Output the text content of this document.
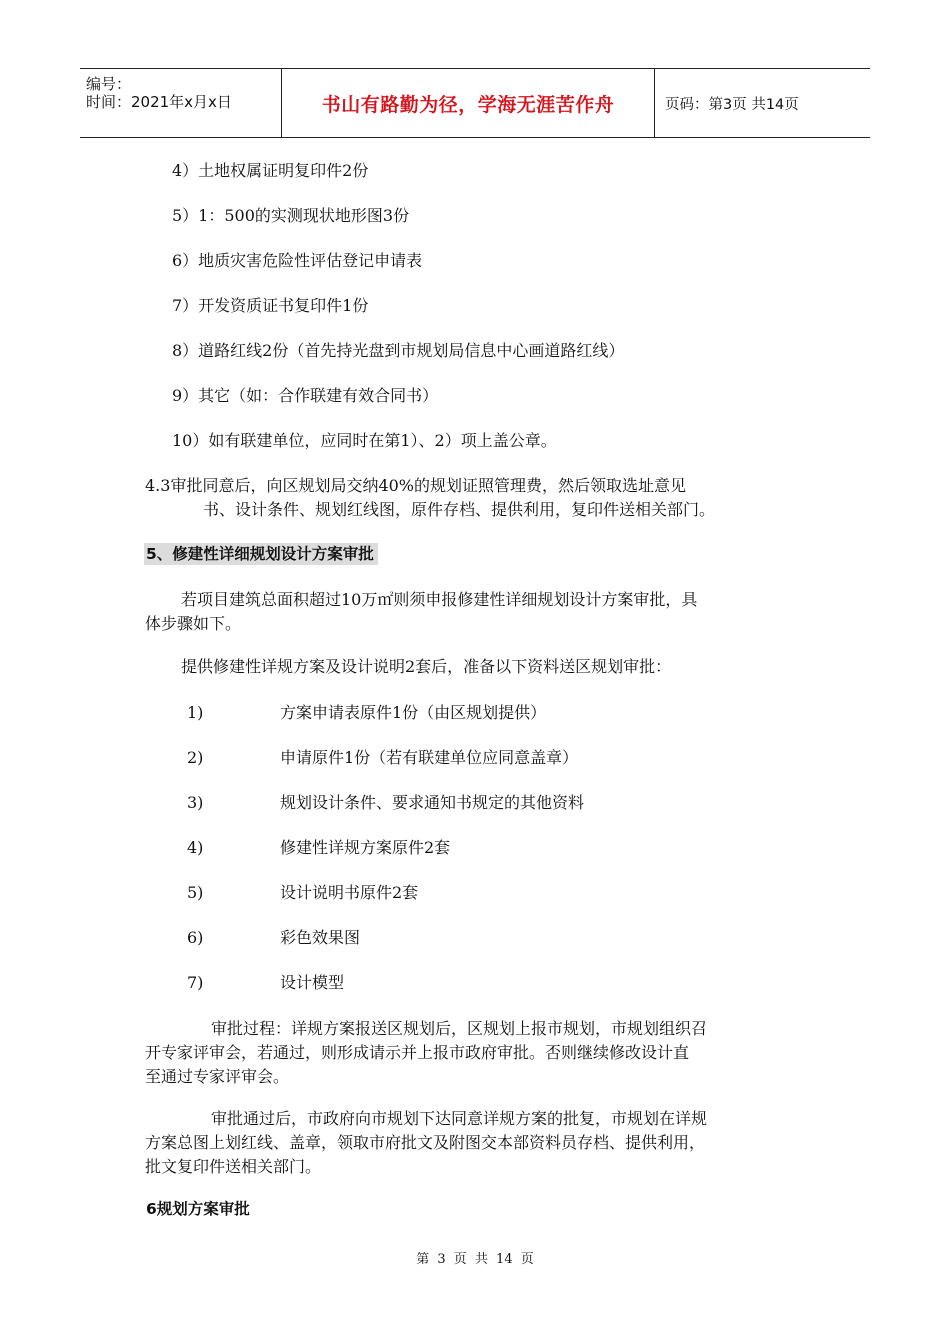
编号：
时间：2021年x月x日	书山有路勤为径，学海无涯苦作舟	页码：第3页 共14页
4）土地权属证明复印件2份
5）1：500的实测现状地形图3份
6）地质灾害危险性评估登记申请表
7）开发资质证书复印件1份
8）道路红线2份（首先持光盘到市规划局信息中心画道路红线）
9）其它（如：合作联建有效合同书）
10）如有联建单位，应同时在第1）、2）项上盖公章。
4.3审批同意后，向区规划局交纳40%的规划证照管理费，然后领取选址意见
书、设计条件、规划红线图，原件存档、提供利用，复印件送相关部门。
5、修建性详细规划设计方案审批
若项目建筑总面积超过10万㎡则须申报修建性详细规划设计方案审批，具
体步骤如下。
提供修建性详规方案及设计说明2套后，准备以下资料送区规划审批：
1)	方案申请表原件1份（由区规划提供）
2)	申请原件1份（若有联建单位应同意盖章）
3)	规划设计条件、要求通知书规定的其他资料
4)	修建性详规方案原件2套
5)	设计说明书原件2套
6)	彩色效果图
7)	设计模型
审批过程：详规方案报送区规划后，区规划上报市规划，市规划组织召
开专家评审会，若通过，则形成请示并上报市政府审批。否则继续修改设计直
至通过专家评审会。
审批通过后，市政府向市规划下达同意详规方案的批复，市规划在详规
方案总图上划红线、盖章，领取市府批文及附图交本部资料员存档、提供利用，
批文复印件送相关部门。
6规划方案审批
第 3 页 共 14 页
